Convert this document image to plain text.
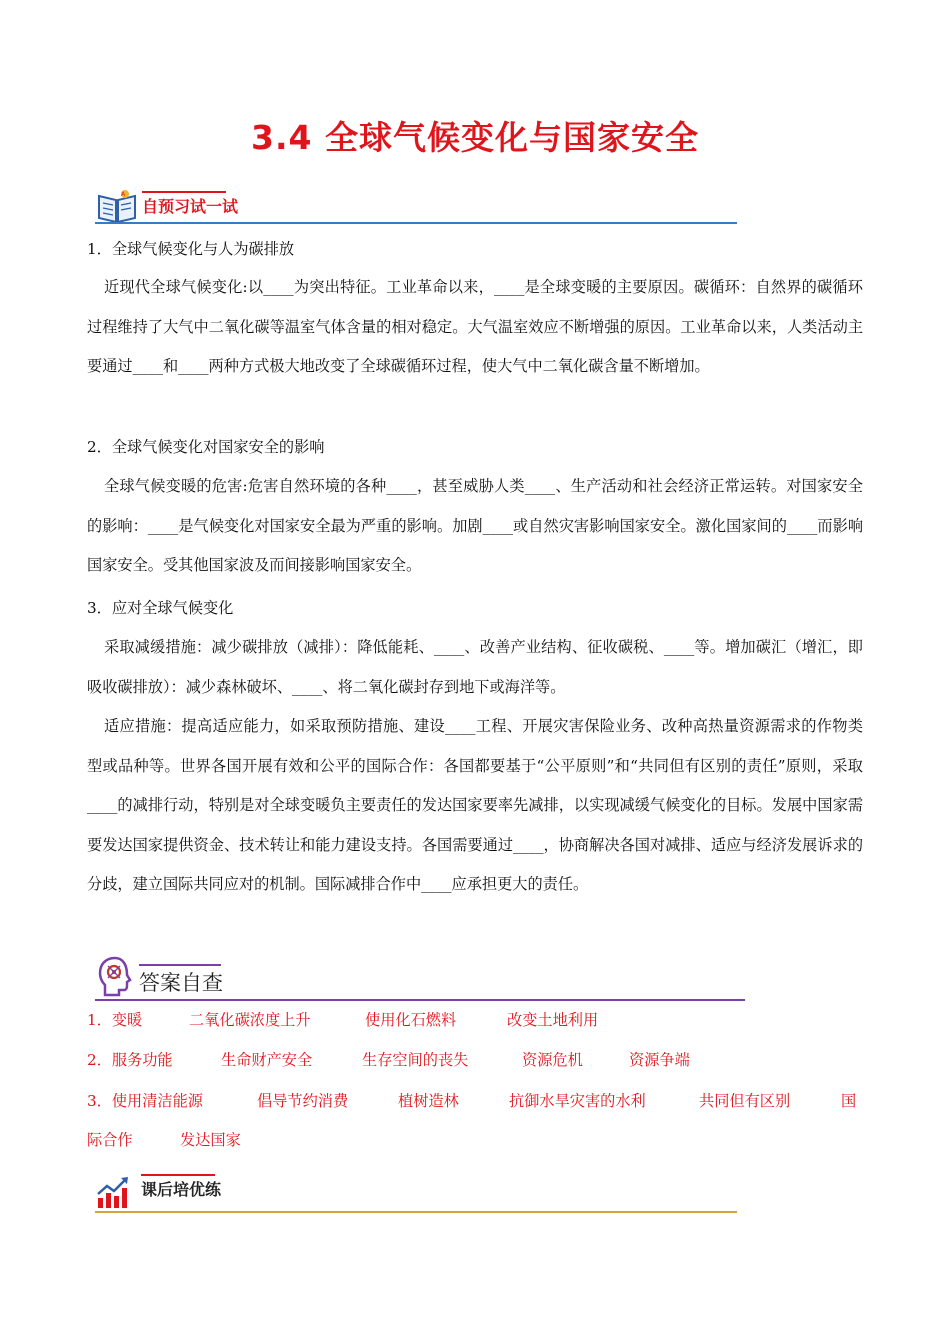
3.4 全球气候变化与国家安全
A
自预习试一试
1．全球气候变化与人为碳排放

近现代全球气候变化:以____为突出特征。工业革命以来，____是全球变暖的主要原因。碳循环：自然界的碳循环过程维持了大气中二氧化碳等温室气体含量的相对稳定。大气温室效应不断增强的原因。工业革命以来，人类活动主要通过____和____两种方式极大地改变了全球碳循环过程，使大气中二氧化碳含量不断增加。

2．全球气候变化对国家安全的影响

全球气候变暖的危害:危害自然环境的各种____，甚至威胁人类____、生产活动和社会经济正常运转。对国家安全的影响：____是气候变化对国家安全最为严重的影响。加剧____或自然灾害影响国家安全。激化国家间的____而影响国家安全。受其他国家波及而间接影响国家安全。

3．应对全球气候变化

采取减缓措施：减少碳排放（减排）：降低能耗、____、改善产业结构、征收碳税、____等。增加碳汇（增汇，即吸收碳排放）：减少森林破坏、____、将二氧化碳封存到地下或海洋等。

适应措施：提高适应能力，如采取预防措施、建设____工程、开展灾害保险业务、改种高热量资源需求的作物类型或品种等。世界各国开展有效和公平的国际合作：各国都要基于“公平原则”和“共同但有区别的责任”原则，采取____的减排行动，特别是对全球变暖负主要责任的发达国家要率先减排，以实现减缓气候变化的目标。发展中国家需要发达国家提供资金、技术转让和能力建设支持。各国需要通过____，协商解决各国对减排、适应与经济发展诉求的分歧，建立国际共同应对的机制。国际减排合作中____应承担更大的责任。

答案自查
1．变暖	二氧化碳浓度上升	使用化石燃料	改变土地利用
2．服务功能	生命财产安全	生存空间的丧失	资源危机	资源争端
3．使用清洁能源	倡导节约消费	植树造林	抗御水旱灾害的水利	共同但有区别	国
际合作	发达国家
课后培优练
